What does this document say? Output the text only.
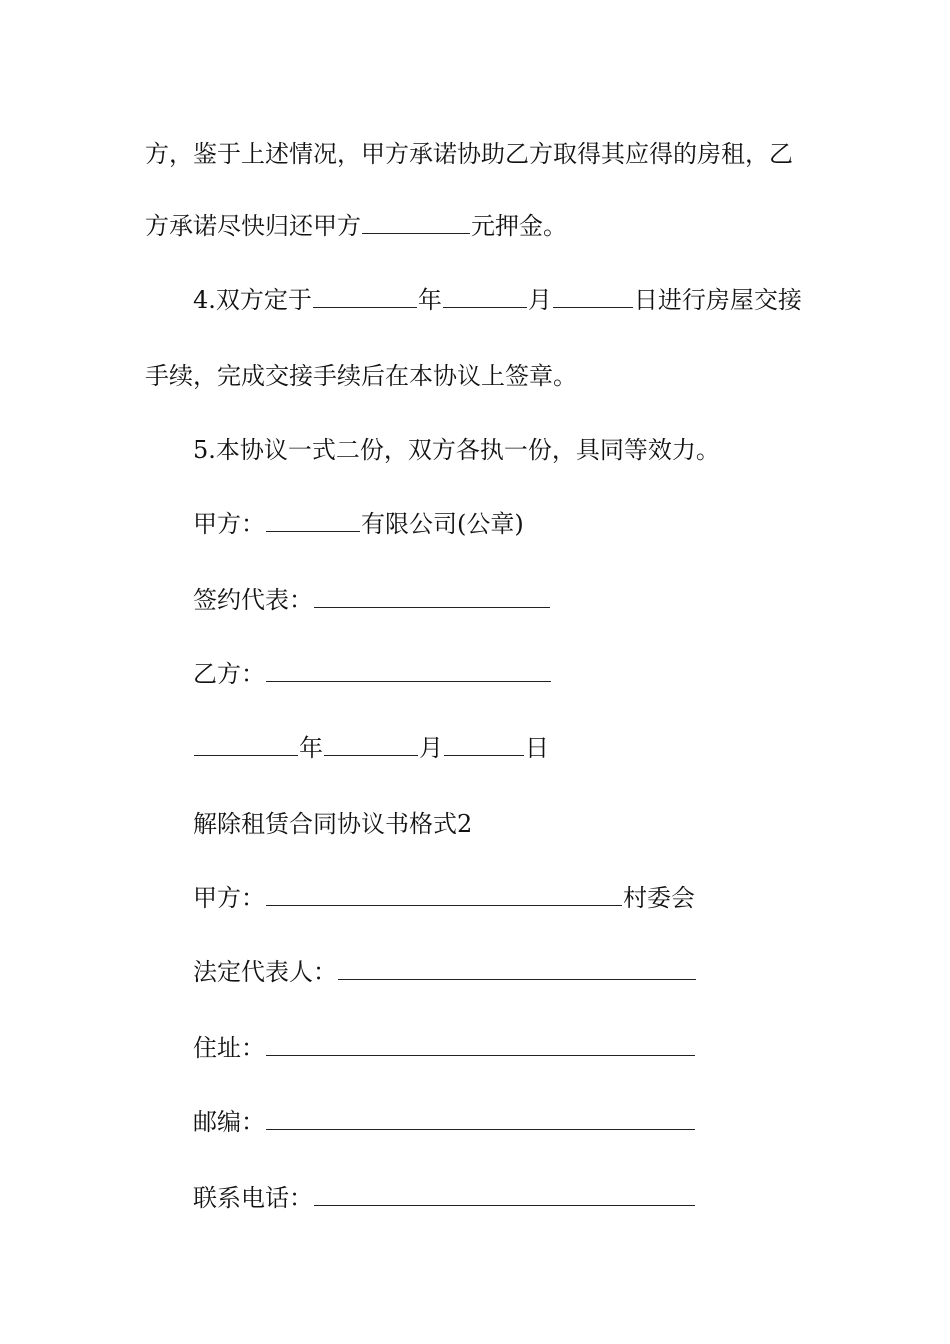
方，鉴于上述情况，甲方承诺协助乙方取得其应得的房租，乙
方承诺尽快归还甲方	元押金。
4.双方定于	年	月	日进行房屋交接
手续，完成交接手续后在本协议上签章。
5.本协议一式二份，双方各执一份，具同等效力。
甲方：	有限公司(公章)
签约代表：
乙方：
年	月	日
解除租赁合同协议书格式2
甲方：	村委会
法定代表人：
住址：
邮编：
联系电话：
